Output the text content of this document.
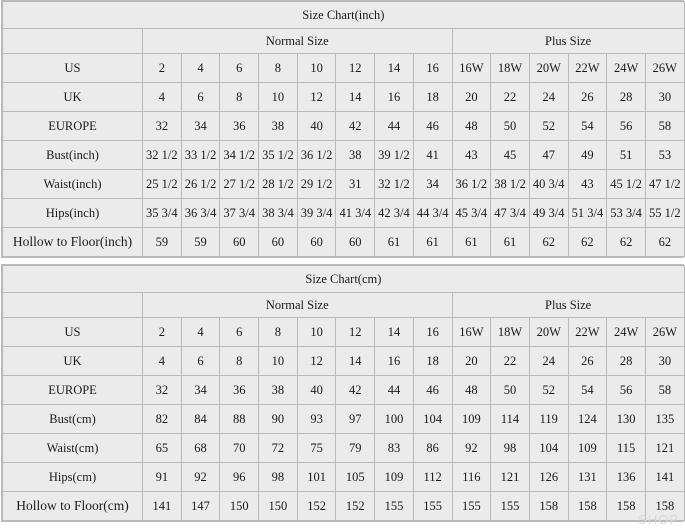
Size Chart(inch)														
	Normal Size								Plus Size					
US	2	4	6	8	10	12	14	16	16W	18W	20W	22W	24W	26W
UK	4	6	8	10	12	14	16	18	20	22	24	26	28	30
EUROPE	32	34	36	38	40	42	44	46	48	50	52	54	56	58
Bust(inch)	32 1/2	33 1/2	34 1/2	35 1/2	36 1/2	38	39 1/2	41	43	45	47	49	51	53
Waist(inch)	25 1/2	26 1/2	27 1/2	28 1/2	29 1/2	31	32 1/2	34	36 1/2	38 1/2	40 3/4	43	45 1/2	47 1/2
Hips(inch)	35 3/4	36 3/4	37 3/4	38 3/4	39 3/4	41 3/4	42 3/4	44 3/4	45 3/4	47 3/4	49 3/4	51 3/4	53 3/4	55 1/2
Hollow to Floor(inch)	59	59	60	60	60	60	61	61	61	61	62	62	62	62
Size Chart(cm)														
	Normal Size								Plus Size					
US	2	4	6	8	10	12	14	16	16W	18W	20W	22W	24W	26W
UK	4	6	8	10	12	14	16	18	20	22	24	26	28	30
EUROPE	32	34	36	38	40	42	44	46	48	50	52	54	56	58
Bust(cm)	82	84	88	90	93	97	100	104	109	114	119	124	130	135
Waist(cm)	65	68	70	72	75	79	83	86	92	98	104	109	115	121
Hips(cm)	91	92	96	98	101	105	109	112	116	121	126	131	136	141
Hollow to Floor(cm)	141	147	150	150	152	152	155	155	155	155	158	158	158	158
SHOP
